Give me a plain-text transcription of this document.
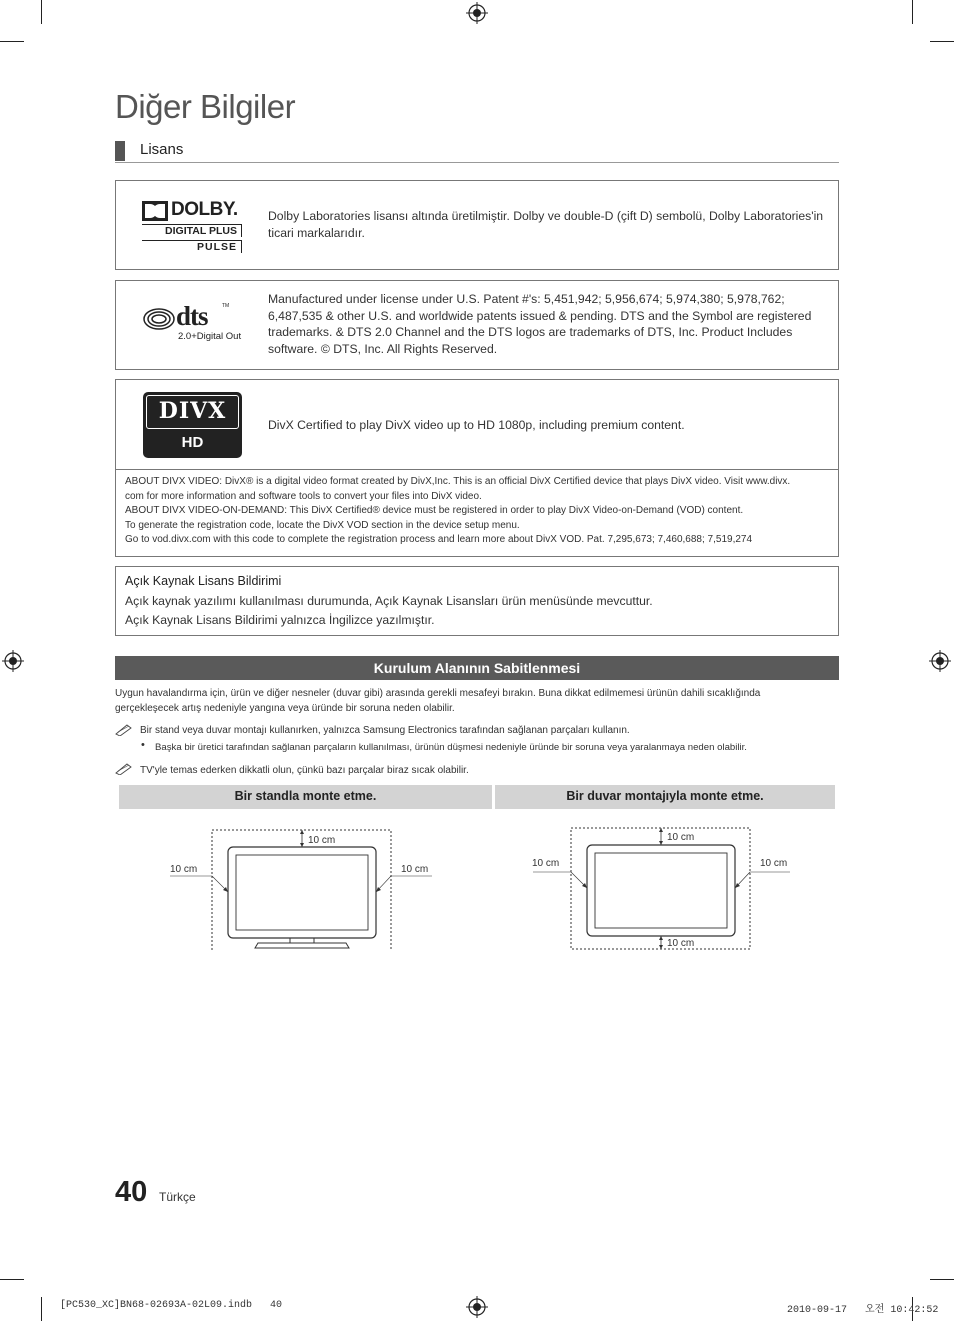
Diğer Bilgiler
Lisans
DOLBY.
DIGITAL PLUS
PULSE
Dolby Laboratories lisansı altında üretilmiştir. Dolby ve double-D (çift D) sembolü, Dolby Laboratories'in ticari markalarıdır.
dts	TM
2.0+Digital Out
Manufactured under license under U.S. Patent #'s: 5,451,942; 5,956,674; 5,974,380; 5,978,762; 6,487,535 & other U.S. and worldwide patents issued & pending. DTS and the Symbol are registered trademarks. & DTS 2.0 Channel and the DTS logos are trademarks of DTS, Inc. Product Includes software. © DTS, Inc. All Rights Reserved.
DIVX
HD
DivX Certified to play DivX video up to HD 1080p, including premium content.
ABOUT DIVX VIDEO: DivX® is a digital video format created by DivX,Inc. This is an official DivX Certified device that plays DivX video. Visit www.divx.
com for more information and software tools to convert your files into DivX video.
ABOUT DIVX VIDEO-ON-DEMAND: This DivX Certified® device must be registered in order to play DivX Video-on-Demand (VOD) content.
To generate the registration code, locate the DivX VOD section in the device setup menu.
Go to vod.divx.com with this code to complete the registration process and learn more about DivX VOD. Pat. 7,295,673; 7,460,688; 7,519,274
Açık Kaynak Lisans Bildirimi
Açık kaynak yazılımı kullanılması durumunda, Açık Kaynak Lisansları ürün menüsünde mevcuttur.
Açık Kaynak Lisans Bildirimi yalnızca İngilizce yazılmıştır.
Kurulum Alanının Sabitlenmesi
Uygun havalandırma için, ürün ve diğer nesneler (duvar gibi) arasında gerekli mesafeyi bırakın. Buna dikkat edilmemesi ürünün dahili sıcaklığında
gerçekleşecek artış nedeniyle yangına veya üründe bir soruna neden olabilir.
Bir stand veya duvar montajı kullanırken, yalnızca Samsung Electronics tarafından sağlanan parçaları kullanın.
• Başka bir üretici tarafından sağlanan parçaların kullanılması, ürünün düşmesi nedeniyle üründe bir soruna veya yaralanmaya neden olabilir.
TV'yle temas ederken dikkatli olun, çünkü bazı parçalar biraz sıcak olabilir.
Bir standla monte etme.	Bir duvar montajıyla monte etme.
10 cm
10 cm	10 cm
10 cm
10 cm	10 cm
10 cm
40 Türkçe
[PC530_XC]BN68-02693A-02L09.indb   40	2010-09-17   오전 10:42:52
